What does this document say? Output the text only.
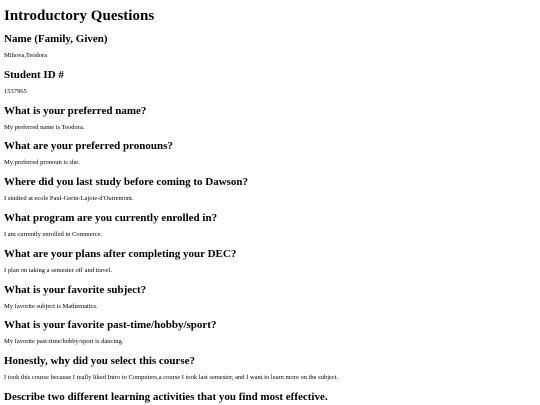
Introductory Questions
Name (Family, Given)

Mihova,Teodora

Student ID #

1537965

What is your preferred name?

My preferred name is Teodora.

What are your preferred pronouns?

My preferred pronoun is she.

Where did you last study before coming to Dawson?

I studied at ecole Paul-Gerin-Lajoie-d'Outremont.

What program are you currently enrolled in?

I am currently enrolled in Commerce.

What are your plans after completing your DEC?

I plan on taking a semester off and travel.

What is your favorite subject?

My favorite subject is Mathematics.

What is your favorite past-time/hobby/sport?

My favorite past-time/hobby/sport is dancing.

Honestly, why did you select this course?

I took this course because I really liked Intro to Computers,a course I took last semester, and I want to learn more on the subject.

Describe two different learning activities that you find most effective.
